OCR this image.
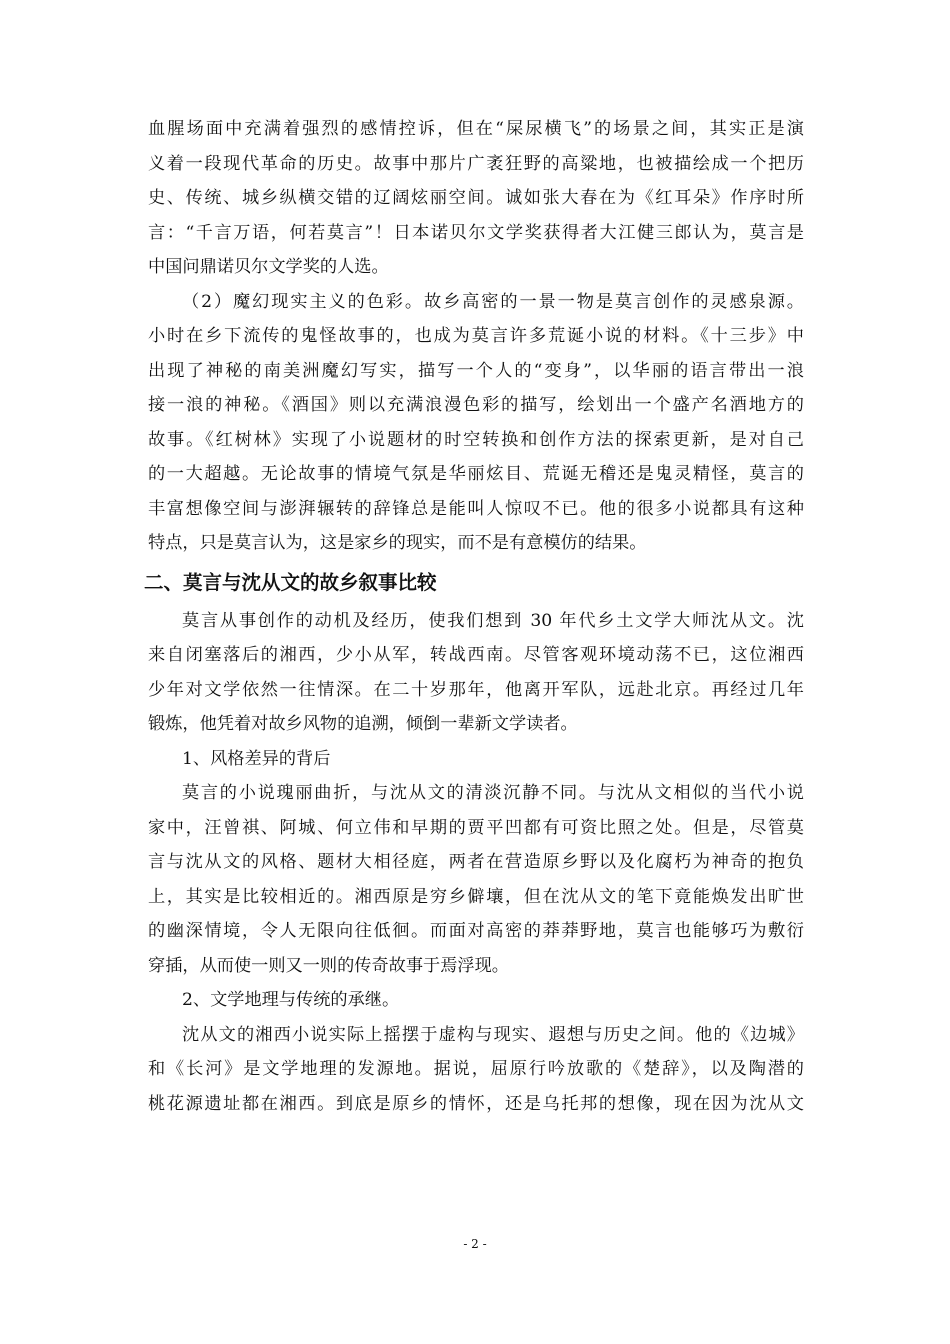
血腥场面中充满着强烈的感情控诉，但在“屎尿横飞”的场景之间，其实正是演
义着一段现代革命的历史。故事中那片广袤狂野的高粱地，也被描绘成一个把历
史、传统、城乡纵横交错的辽阔炫丽空间。诚如张大春在为《红耳朵》作序时所
言：“千言万语，何若莫言”！日本诺贝尔文学奖获得者大江健三郎认为，莫言是
中国问鼎诺贝尔文学奖的人选。
（2）魔幻现实主义的色彩。故乡高密的一景一物是莫言创作的灵感泉源。
小时在乡下流传的鬼怪故事的，也成为莫言许多荒诞小说的材料。《十三步》中
出现了神秘的南美洲魔幻写实，描写一个人的“变身”，以华丽的语言带出一浪
接一浪的神秘。《酒国》则以充满浪漫色彩的描写，绘划出一个盛产名酒地方的
故事。《红树林》实现了小说题材的时空转换和创作方法的探索更新，是对自己
的一大超越。无论故事的情境气氛是华丽炫目、荒诞无稽还是鬼灵精怪，莫言的
丰富想像空间与澎湃辗转的辞锋总是能叫人惊叹不已。他的很多小说都具有这种
特点，只是莫言认为，这是家乡的现实，而不是有意模仿的结果。
二、莫言与沈从文的故乡叙事比较
莫言从事创作的动机及经历，使我们想到 30 年代乡土文学大师沈从文。沈
来自闭塞落后的湘西，少小从军，转战西南。尽管客观环境动荡不已，这位湘西
少年对文学依然一往情深。在二十岁那年，他离开军队，远赴北京。再经过几年
锻炼，他凭着对故乡风物的追溯，倾倒一辈新文学读者。
1、风格差异的背后
莫言的小说瑰丽曲折，与沈从文的清淡沉静不同。与沈从文相似的当代小说
家中，汪曾祺、阿城、何立伟和早期的贾平凹都有可资比照之处。但是，尽管莫
言与沈从文的风格、题材大相径庭，两者在营造原乡野以及化腐朽为神奇的抱负
上，其实是比较相近的。湘西原是穷乡僻壤，但在沈从文的笔下竟能焕发出旷世
的幽深情境，令人无限向往低徊。而面对高密的莽莽野地，莫言也能够巧为敷衍
穿插，从而使一则又一则的传奇故事于焉浮现。
2、文学地理与传统的承继。
沈从文的湘西小说实际上摇摆于虚构与现实、遐想与历史之间。他的《边城》
和《长河》是文学地理的发源地。据说，屈原行吟放歌的《楚辞》，以及陶潜的
桃花源遗址都在湘西。到底是原乡的情怀，还是乌托邦的想像，现在因为沈从文
- 2 -
